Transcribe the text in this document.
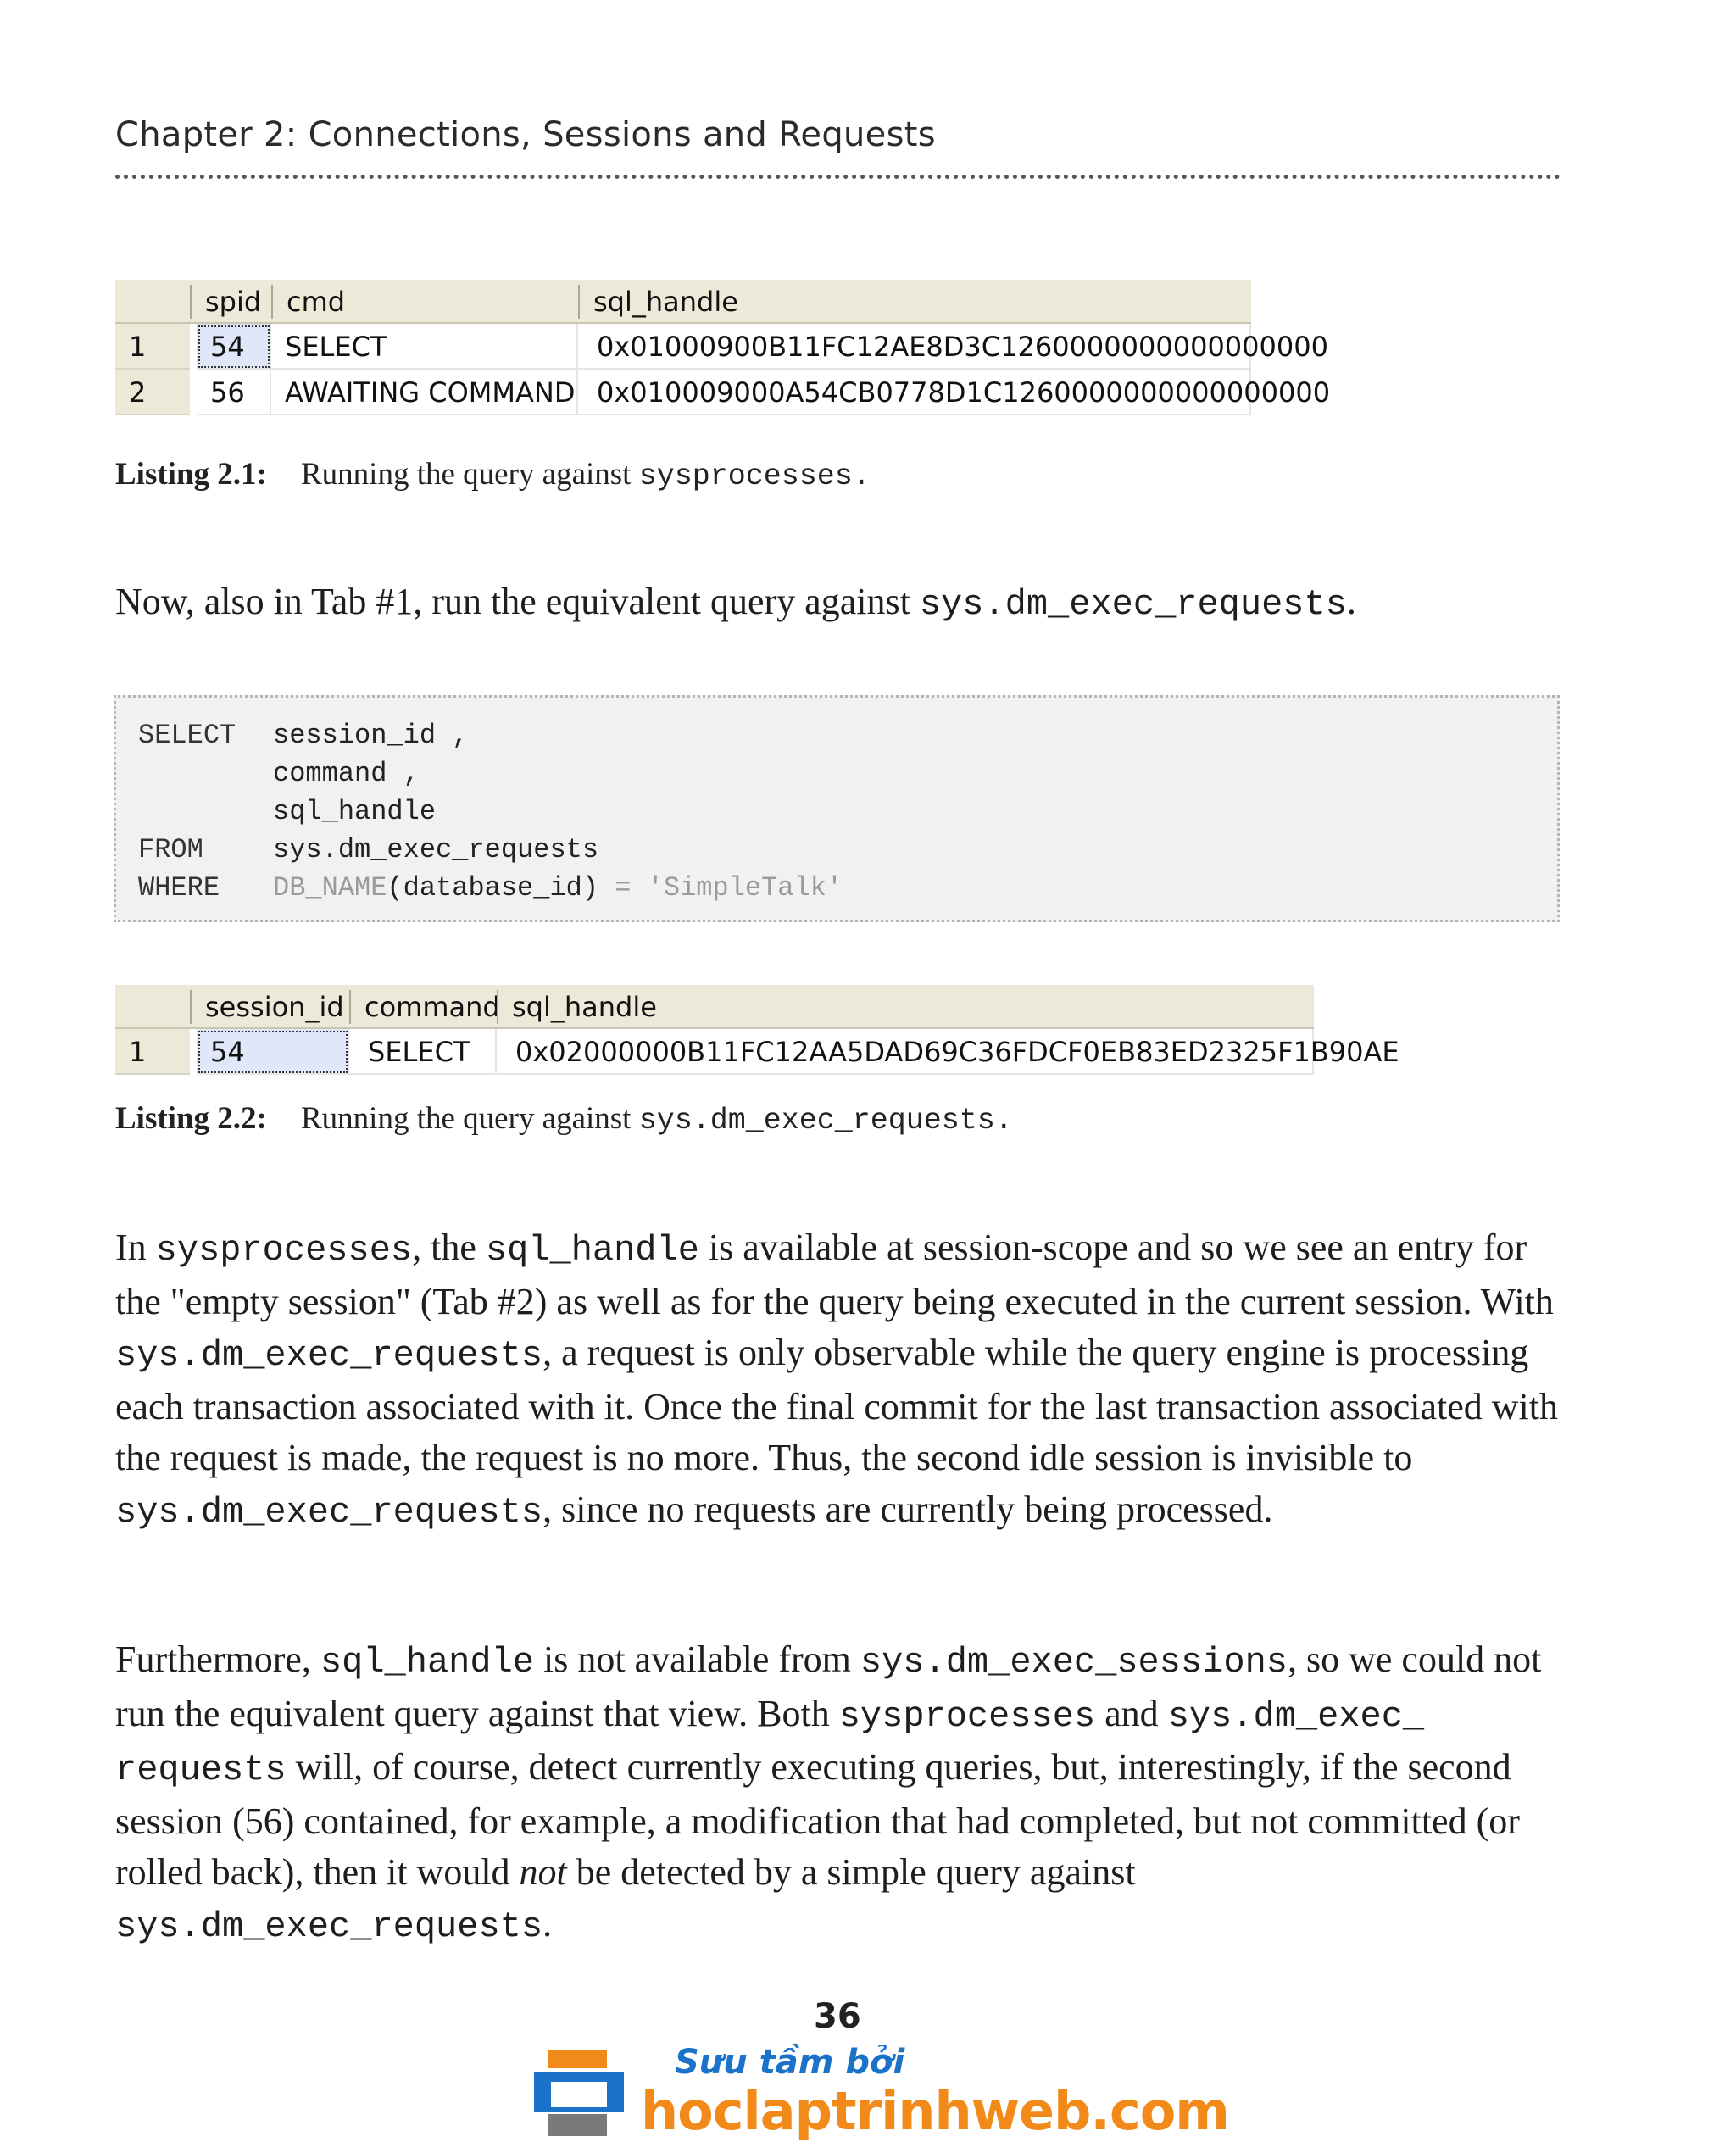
Chapter 2: Connections, Sessions and Requests
spid cmd	sql_handle
1	54	SELECT	0x01000900B11FC12AE8D3C1260000000000000000
2	56	AWAITING COMMAND 0x010009000A54CB0778D1C1260000000000000000
Listing 2.1: Running the query against sysprocesses.
Now, also in Tab #1, run the equivalent query against sys.dm_exec_requests.
SELECT session_id ,
command ,
sql_handle
FROM	sys.dm_exec_requests
WHERE DB_NAME(database_id) = 'SimpleTalk'
session_id command sql_handle
1	54	SELECT	0x02000000B11FC12AA5DAD69C36FDCF0EB83ED2325F1B90AE
Listing 2.2: Running the query against sys.dm_exec_requests.
In sysprocesses, the sql_handle is available at session-scope and so we see an entry for the "empty session" (Tab #2) as well as for the query being executed in the current session. With sys.dm_exec_requests, a request is only observable while the query engine is processing each transaction associated with it. Once the final commit for the last transaction associated with the request is made, the request is no more. Thus, the second idle session is invisible to sys.dm_exec_requests, since no requests are currently being processed.
Furthermore, sql_handle is not available from sys.dm_exec_sessions, so we could not run the equivalent query against that view. Both sysprocesses and sys.dm_exec_
requests will, of course, detect currently executing queries, but, interestingly, if the second session (56) contained, for example, a modification that had completed, but not committed (or rolled back), then it would not be detected by a simple query against sys.dm_exec_requests.
36
Sưu tầm bởi
hoclaptrinhweb.com
